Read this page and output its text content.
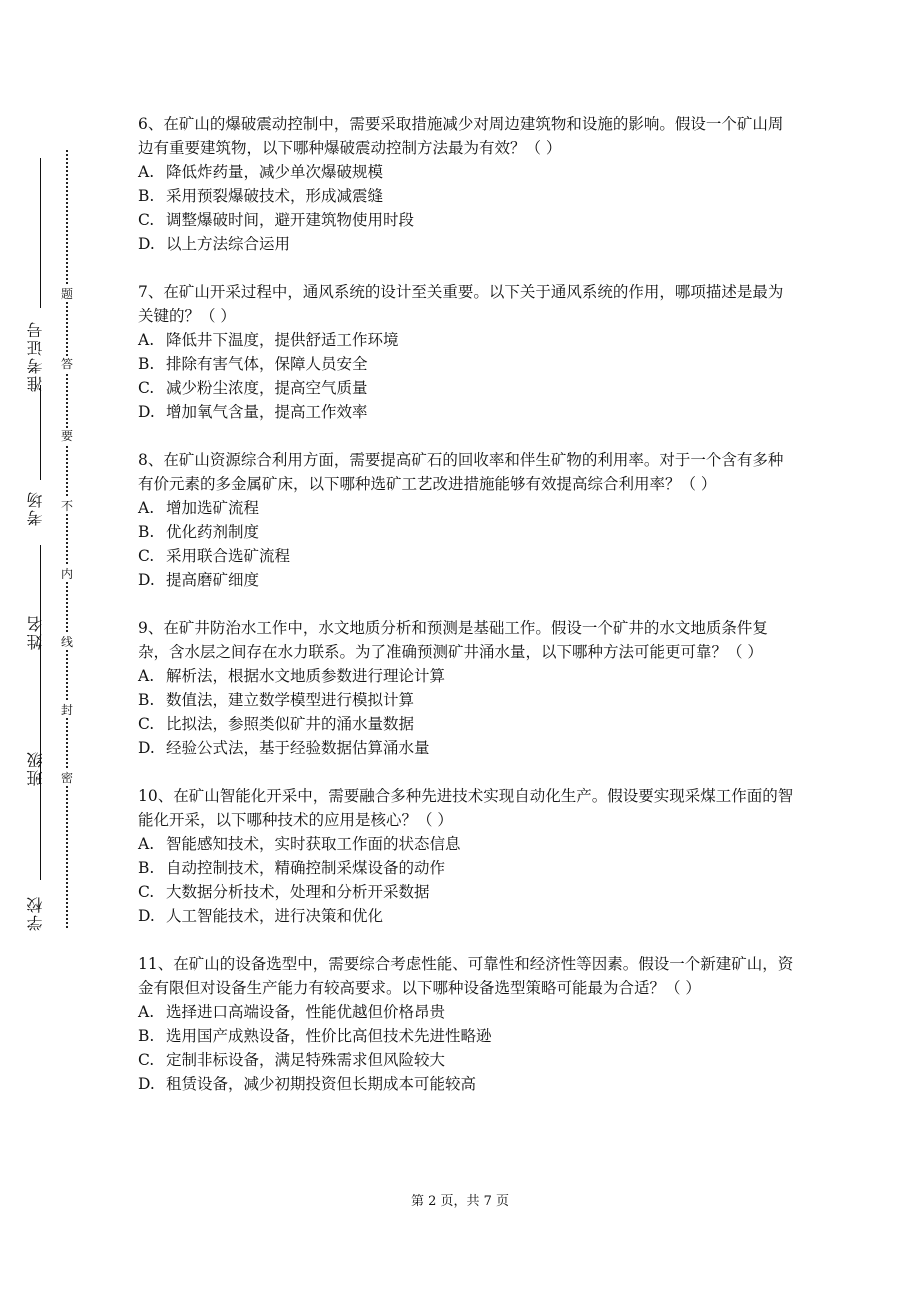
学校
班级
姓名
考场
准考证号
密
封
线
内
不
要
答
题

6、在矿山的爆破震动控制中，需要采取措施减少对周边建筑物和设施的影响。假设一个矿山周边有重要建筑物，以下哪种爆破震动控制方法最为有效？（ ）

A. 降低炸药量，减少单次爆破规模

B. 采用预裂爆破技术，形成减震缝

C. 调整爆破时间，避开建筑物使用时段

D. 以上方法综合运用

7、在矿山开采过程中，通风系统的设计至关重要。以下关于通风系统的作用，哪项描述是最为关键的？（ ）

A. 降低井下温度，提供舒适工作环境

B. 排除有害气体，保障人员安全

C. 减少粉尘浓度，提高空气质量

D. 增加氧气含量，提高工作效率

8、在矿山资源综合利用方面，需要提高矿石的回收率和伴生矿物的利用率。对于一个含有多种有价元素的多金属矿床，以下哪种选矿工艺改进措施能够有效提高综合利用率？（ ）

A. 增加选矿流程

B. 优化药剂制度

C. 采用联合选矿流程

D. 提高磨矿细度

9、在矿井防治水工作中，水文地质分析和预测是基础工作。假设一个矿井的水文地质条件复杂，含水层之间存在水力联系。为了准确预测矿井涌水量，以下哪种方法可能更可靠？（ ）

A. 解析法，根据水文地质参数进行理论计算

B. 数值法，建立数学模型进行模拟计算

C. 比拟法，参照类似矿井的涌水量数据

D. 经验公式法，基于经验数据估算涌水量

10、在矿山智能化开采中，需要融合多种先进技术实现自动化生产。假设要实现采煤工作面的智能化开采，以下哪种技术的应用是核心？（ ）

A. 智能感知技术，实时获取工作面的状态信息

B. 自动控制技术，精确控制采煤设备的动作

C. 大数据分析技术，处理和分析开采数据

D. 人工智能技术，进行决策和优化

11、在矿山的设备选型中，需要综合考虑性能、可靠性和经济性等因素。假设一个新建矿山，资金有限但对设备生产能力有较高要求。以下哪种设备选型策略可能最为合适？（ ）

A. 选择进口高端设备，性能优越但价格昂贵

B. 选用国产成熟设备，性价比高但技术先进性略逊

C. 定制非标设备，满足特殊需求但风险较大

D. 租赁设备，减少初期投资但长期成本可能较高

第 2 页，共 7 页
